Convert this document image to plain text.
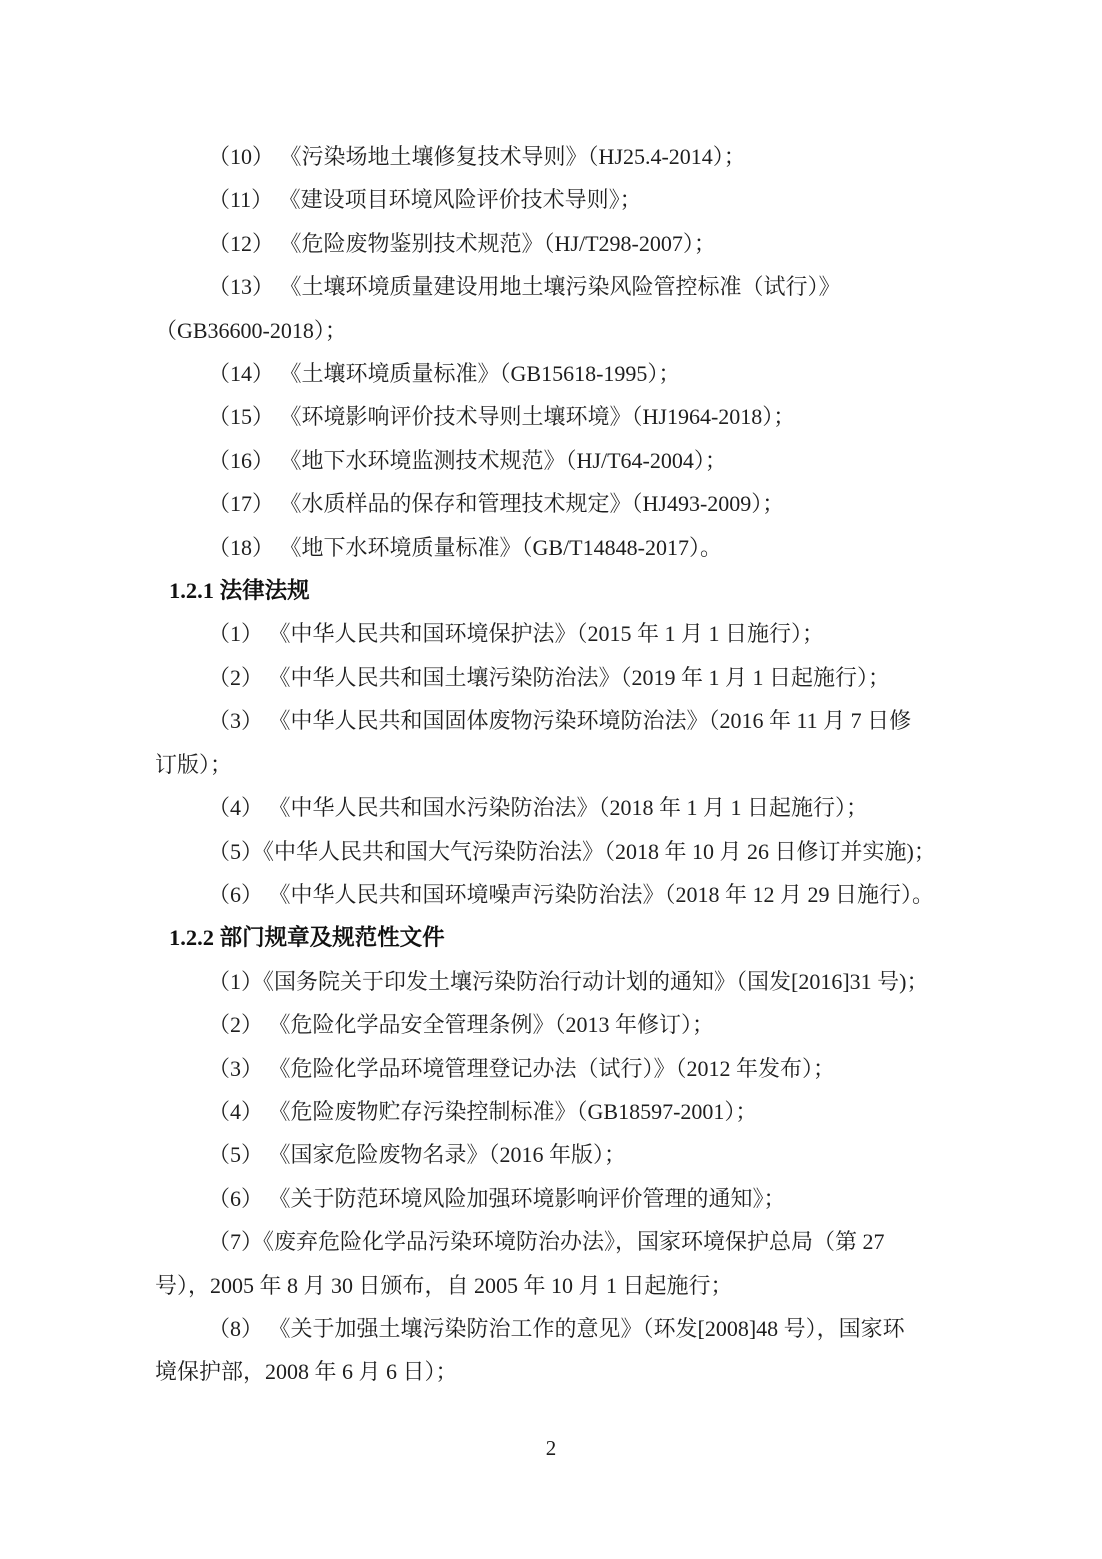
（10） 《污染场地土壤修复技术导则》（HJ25.4-2014）；

（11） 《建设项目环境风险评价技术导则》；

（12） 《危险废物鉴别技术规范》（HJ/T298-2007）；

（13） 《土壤环境质量建设用地土壤污染风险管控标准（试行）》
（GB36600-2018）；

（14） 《土壤环境质量标准》（GB15618-1995）；

（15） 《环境影响评价技术导则土壤环境》（HJ1964-2018）；

（16） 《地下水环境监测技术规范》（HJ/T64-2004）；

（17） 《水质样品的保存和管理技术规定》（HJ493-2009）；

（18） 《地下水环境质量标准》（GB/T14848-2017）。

1.2.1 法律法规

（1） 《中华人民共和国环境保护法》（2015 年 1 月 1 日施行）；

（2） 《中华人民共和国土壤污染防治法》（2019 年 1 月 1 日起施行）；

（3） 《中华人民共和国固体废物污染环境防治法》（2016 年 11 月 7 日修
订版）；

（4） 《中华人民共和国水污染防治法》（2018 年 1 月 1 日起施行）；

（5）《中华人民共和国大气污染防治法》（2018 年 10 月 26 日修订并实施)；

（6） 《中华人民共和国环境噪声污染防治法》（2018 年 12 月 29 日施行）。

1.2.2 部门规章及规范性文件

（1）《国务院关于印发土壤污染防治行动计划的通知》（国发[2016]31 号)；

（2） 《危险化学品安全管理条例》（2013 年修订）；

（3） 《危险化学品环境管理登记办法（试行）》（2012 年发布）；

（4） 《危险废物贮存污染控制标准》（GB18597-2001）；

（5） 《国家危险废物名录》（2016 年版）；

（6） 《关于防范环境风险加强环境影响评价管理的通知》；

（7）《废弃危险化学品污染环境防治办法》，国家环境保护总局（第 27
号），2005 年 8 月 30 日颁布，自 2005 年 10 月 1 日起施行；

（8） 《关于加强土壤污染防治工作的意见》（环发[2008]48 号），国家环
境保护部，2008 年 6 月 6 日）；

2
